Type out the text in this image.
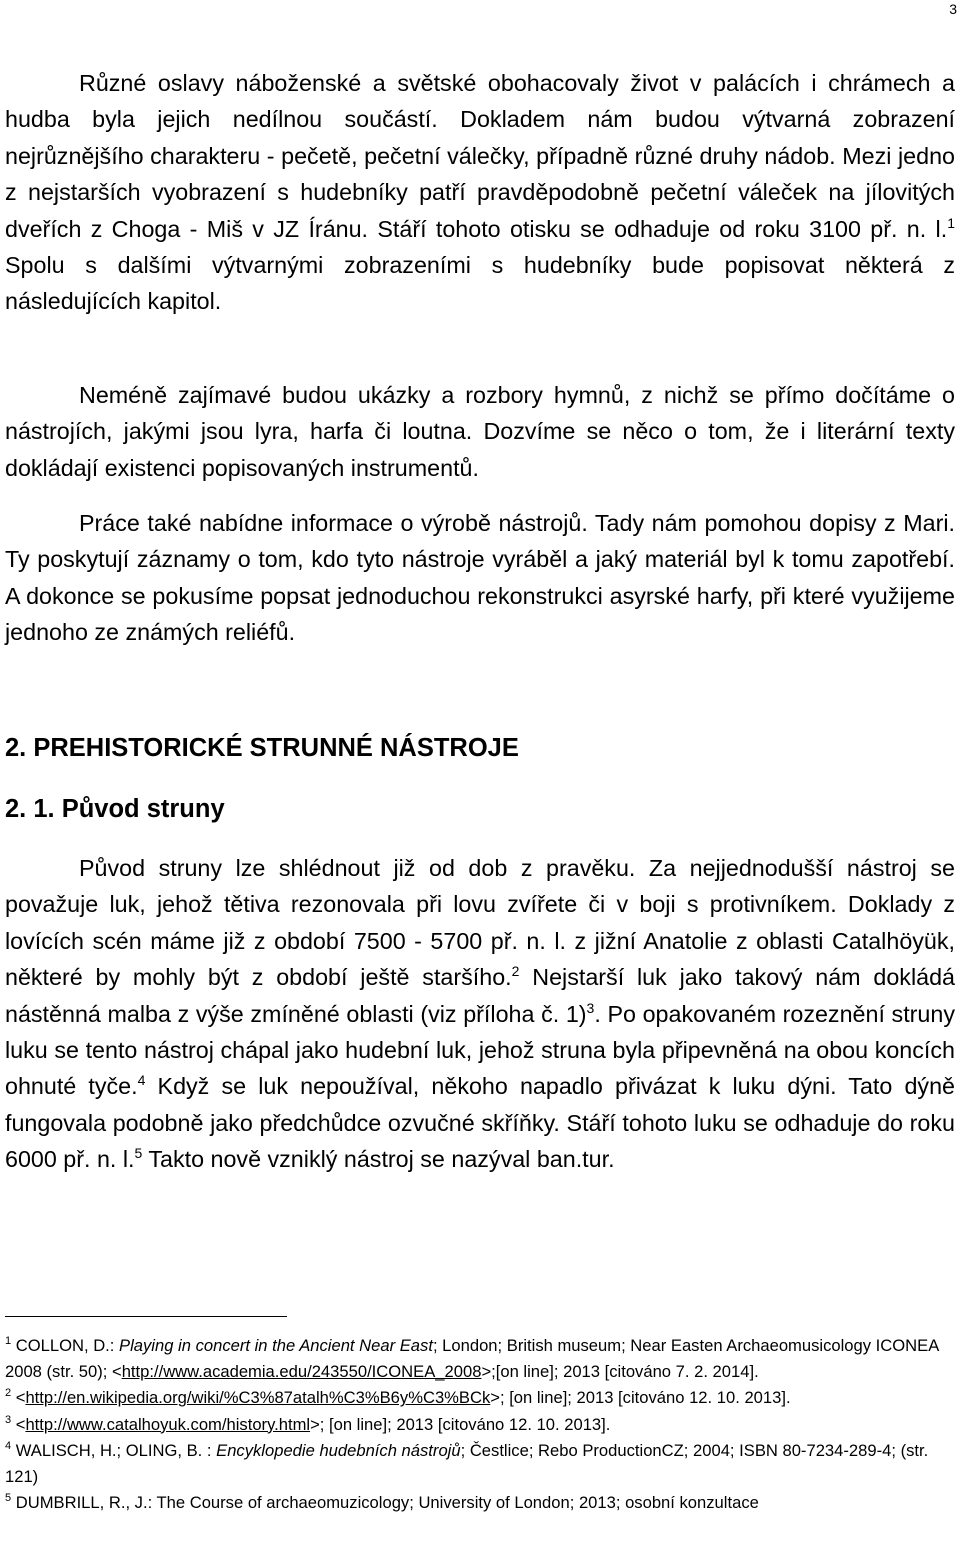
3

Různé oslavy náboženské a světské obohacovaly život v palácích i chrámech a hudba byla jejich nedílnou součástí. Dokladem nám budou výtvarná zobrazení nejrůznějšího charakteru - pečetě, pečetní válečky, případně různé druhy nádob. Mezi jedno z nejstarších vyobrazení s hudebníky patří pravděpodobně pečetní váleček na jílovitých dveřích z Choga - Miš v JZ Íránu. Stáří tohoto otisku se odhaduje od roku 3100 př. n. l.$^1$ Spolu s dalšími výtvarnými zobrazeními s hudebníky bude popisovat některá z následujících kapitol.

Neméně zajímavé budou ukázky a rozbory hymnů, z nichž se přímo dočítáme o nástrojích, jakými jsou lyra, harfa či loutna. Dozvíme se něco o tom, že i literární texty dokládají existenci popisovaných instrumentů.

Práce také nabídne informace o výrobě nástrojů. Tady nám pomohou dopisy z Mari. Ty poskytují záznamy o tom, kdo tyto nástroje vyráběl a jaký materiál byl k tomu zapotřebí. A dokonce se pokusíme popsat jednoduchou rekonstrukci asyrské harfy, při které využijeme jednoho ze známých reliéfů.

2. PREHISTORICKÉ STRUNNÉ NÁSTROJE
2. 1. Původ struny

Původ struny lze shlédnout již od dob z pravěku. Za nejjednodušší nástroj se považuje luk, jehož tětiva rezonovala při lovu zvířete či v boji s protivníkem. Doklady z lovících scén máme již z období 7500 - 5700 př. n. l. z jižní Anatolie z oblasti Catalhöyük, některé by mohly být z období ještě staršího.$^2$ Nejstarší luk jako takový nám dokládá nástěnná malba z výše zmíněné oblasti (viz příloha č. 1)$^3$. Po opakovaném rozeznění struny luku se tento nástroj chápal jako hudební luk, jehož struna byla připevněná na obou koncích ohnuté tyče.$^4$ Když se luk nepoužíval, někoho napadlo přivázat k luku dýni. Tato dýně fungovala podobně jako předchůdce ozvučné skříňky. Stáří tohoto luku se odhaduje do roku 6000 př. n. l.$^5$ Takto nově vzniklý nástroj se nazýval ban.tur.

$^1$ COLLON, D.: Playing in concert in the Ancient Near East; London; British museum; Near Easten Archaeomusicology ICONEA 2008 (str. 50); <http://www.academia.edu/243550/ICONEA_2008>;[on line]; 2013 [citováno 7. 2. 2014].

$^2$ <http://en.wikipedia.org/wiki/%C3%87atalh%C3%B6y%C3%BCk>; [on line]; 2013 [citováno 12. 10. 2013].

$^3$ <http://www.catalhoyuk.com/history.html>; [on line]; 2013 [citováno 12. 10. 2013].

$^4$ WALISCH, H.; OLING, B. : Encyklopedie hudebních nástrojů; Čestlice; Rebo ProductionCZ; 2004; ISBN 80-7234-289-4; (str. 121)

$^5$ DUMBRILL, R., J.: The Course of archaeomuzicology; University of London; 2013; osobní konzultace
